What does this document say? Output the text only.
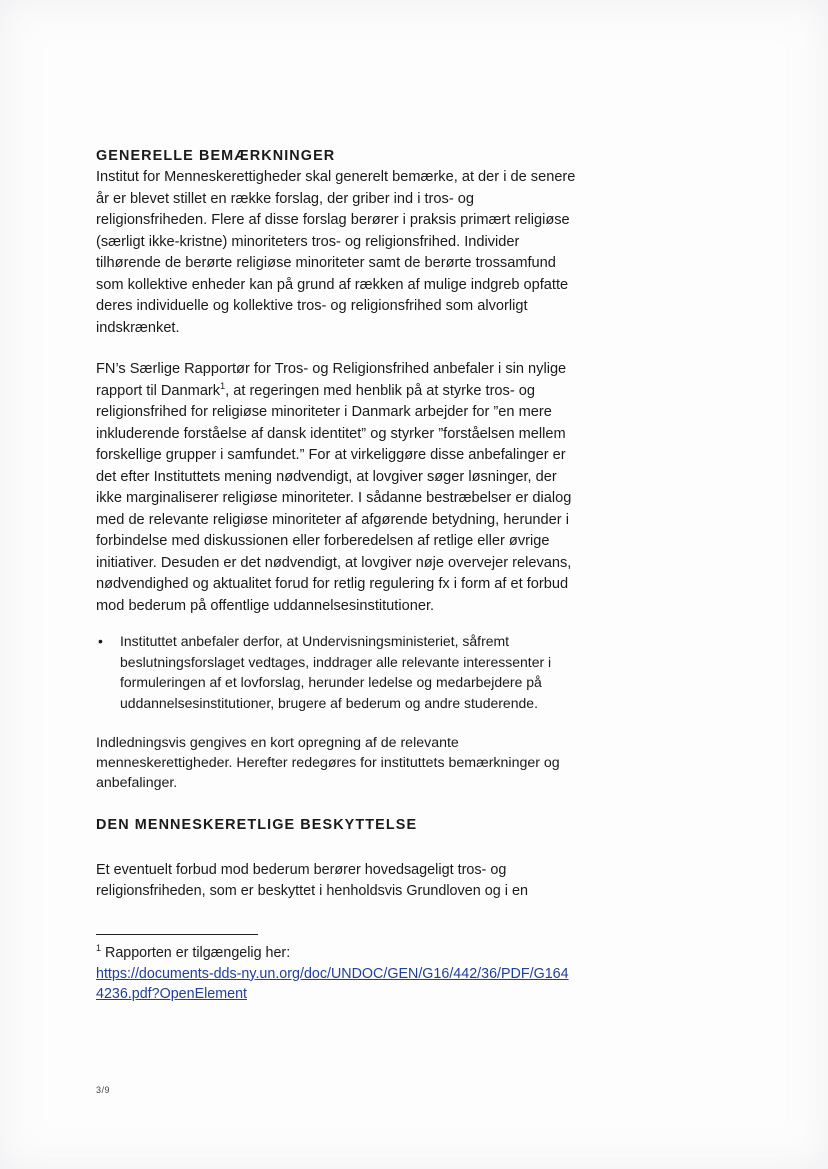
GENERELLE BEMÆRKNINGER

Institut for Menneskerettigheder skal generelt bemærke, at der i de senere år er blevet stillet en række forslag, der griber ind i tros- og religionsfriheden. Flere af disse forslag berører i praksis primært religiøse (særligt ikke-kristne) minoriteters tros- og religionsfrihed. Individer tilhørende de berørte religiøse minoriteter samt de berørte trossamfund som kollektive enheder kan på grund af rækken af mulige indgreb opfatte deres individuelle og kollektive tros- og religionsfrihed som alvorligt indskrænket.

FN’s Særlige Rapportør for Tros- og Religionsfrihed anbefaler i sin nylige rapport til Danmark$^1$, at regeringen med henblik på at styrke tros- og religionsfrihed for religiøse minoriteter i Danmark arbejder for ”en mere inkluderende forståelse af dansk identitet” og styrker ”forståelsen mellem forskellige grupper i samfundet.” For at virkeliggøre disse anbefalinger er det efter Instituttets mening nødvendigt, at lovgiver søger løsninger, der ikke marginaliserer religiøse minoriteter. I sådanne bestræbelser er dialog med de relevante religiøse minoriteter af afgørende betydning, herunder i forbindelse med diskussionen eller forberedelsen af retlige eller øvrige initiativer. Desuden er det nødvendigt, at lovgiver nøje overvejer relevans, nødvendighed og aktualitet forud for retlig regulering fx i form af et forbud mod bederum på offentlige uddannelsesinstitutioner.

• Instituttet anbefaler derfor, at Undervisningsministeriet, såfremt beslutningsforslaget vedtages, inddrager alle relevante interessenter i formuleringen af et lovforslag, herunder ledelse og medarbejdere på uddannelsesinstitutioner, brugere af bederum og andre studerende.

Indledningsvis gengives en kort opregning af de relevante menneskerettigheder. Herefter redegøres for instituttets bemærkninger og anbefalinger.

DEN MENNESKERETLIGE BESKYTTELSE

Et eventuelt forbud mod bederum berører hovedsageligt tros- og religionsfriheden, som er beskyttet i henholdsvis Grundloven og i en

$^1$ Rapporten er tilgængelig her:
https://documents-dds-ny.un.org/doc/UNDOC/GEN/G16/442/36/PDF/G1644236.pdf?OpenElement
3/9
